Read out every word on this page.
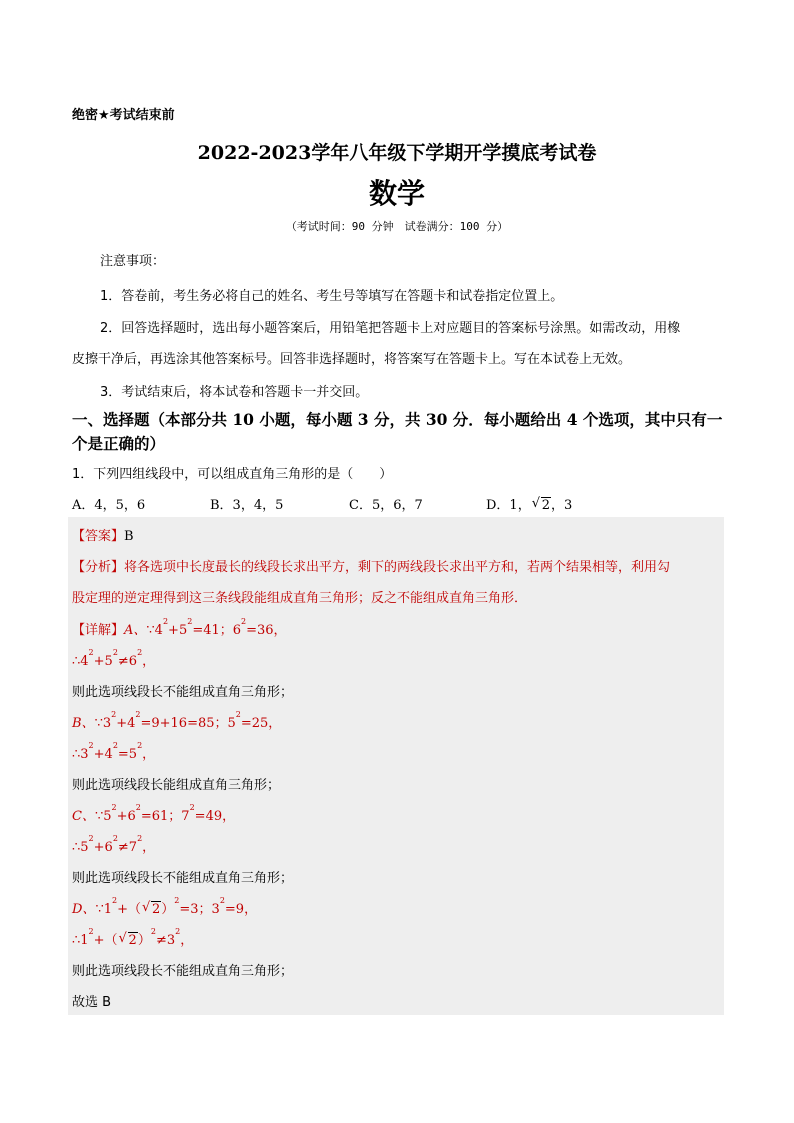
绝密★考试结束前
2022-2023学年八年级下学期开学摸底考试卷
数学
（考试时间：90 分钟　试卷满分：100 分）
注意事项：
1．答卷前，考生务必将自己的姓名、考生号等填写在答题卡和试卷指定位置上。
2．回答选择题时，选出每小题答案后，用铅笔把答题卡上对应题目的答案标号涂黑。如需改动，用橡
皮擦干净后，再选涂其他答案标号。回答非选择题时，将答案写在答题卡上。写在本试卷上无效。
3．考试结束后，将本试卷和答题卡一并交回。
一、选择题（本部分共 10 小题，每小题 3 分，共 30 分．每小题给出 4 个选项，其中只有一个是正确的）
1．下列四组线段中，可以组成直角三角形的是（　　）
A．4，5，6	B．3，4，5	C．5，6，7	D．1，√ 2，3
【答案】B
【分析】将各选项中长度最长的线段长求出平方，剩下的两线段长求出平方和，若两个结果相等，利用勾
股定理的逆定理得到这三条线段能组成直角三角形；反之不能组成直角三角形．
【详解】A、$\because 4^2+5^2=41$；$6^2=36$，
$\therefore 4^2+5^2\ne 6^2$，
则此选项线段长不能组成直角三角形；
B、$\because 3^2+4^2=9+16=85$；$5^2=25$，
$\therefore 3^2+4^2=5^2$，
则此选项线段长能组成直角三角形；
C、$\because 5^2+6^2=61$；$7^2=49$，
$\therefore 5^2+6^2\ne 7^2$，
则此选项线段长不能组成直角三角形；
D、$\because 1^2+(√$ 2）$^2$=3；$3^2=9$，
$\therefore 1^2+(√$ $2)^2\ne 3^2$，
则此选项线段长不能组成直角三角形；
故选 B
